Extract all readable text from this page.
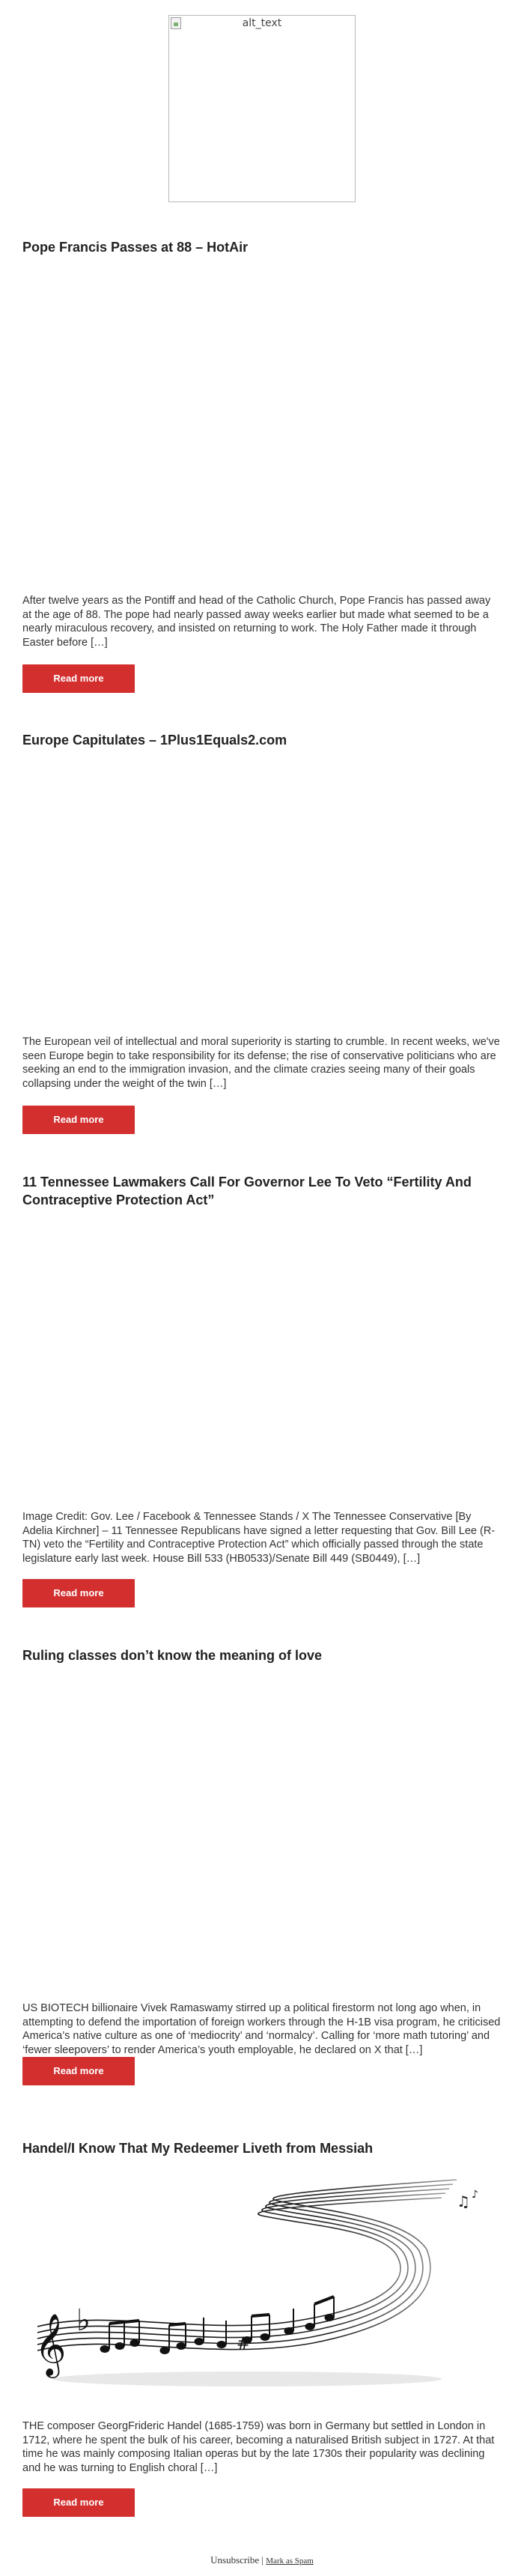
alt_text
Pope Francis Passes at 88 – HotAir

After twelve years as the Pontiff and head of the Catholic Church, Pope Francis has passed away at the age of 88. The pope had nearly passed away weeks earlier but made what seemed to be a nearly miraculous recovery, and insisted on returning to work. The Holy Father made it through Easter before […]

Read more
Europe Capitulates – 1Plus1Equals2.com

The European veil of intellectual and moral superiority is starting to crumble. In recent weeks, we've seen Europe begin to take responsibility for its defense; the rise of conservative politicians who are seeking an end to the immigration invasion, and the climate crazies seeing many of their goals collapsing under the weight of the twin […]

Read more
11 Tennessee Lawmakers Call For Governor Lee To Veto “Fertility And Contraceptive Protection Act”

Image Credit: Gov. Lee / Facebook & Tennessee Stands / X The Tennessee Conservative [By Adelia Kirchner] – 11 Tennessee Republicans have signed a letter requesting that Gov. Bill Lee (R-TN) veto the “Fertility and Contraceptive Protection Act” which officially passed through the state legislature early last week. House Bill 533 (HB0533)/Senate Bill 449 (SB0449), […]

Read more
Ruling classes don’t know the meaning of love

US BIOTECH billionaire Vivek Ramaswamy stirred up a political firestorm not long ago when, in attempting to defend the importation of foreign workers through the H-1B visa program, he criticised America’s native culture as one of ‘mediocrity’ and ‘normalcy’. Calling for ‘more math tutoring’ and ‘fewer sleepovers’ to render America’s youth employable, he declared on X that […]

Read more
Handel/I Know That My Redeemer Liveth from Messiah
𝄞 ♭
#
♫ ♪

THE composer GeorgFrideric Handel (1685-1759) was born in Germany but settled in London in 1712, where he spent the bulk of his career, becoming a naturalised British subject in 1727. At that time he was mainly composing Italian operas but by the late 1730s their popularity was declining and he was turning to English choral […]

Read more
Unsubscribe | Mark as Spam
